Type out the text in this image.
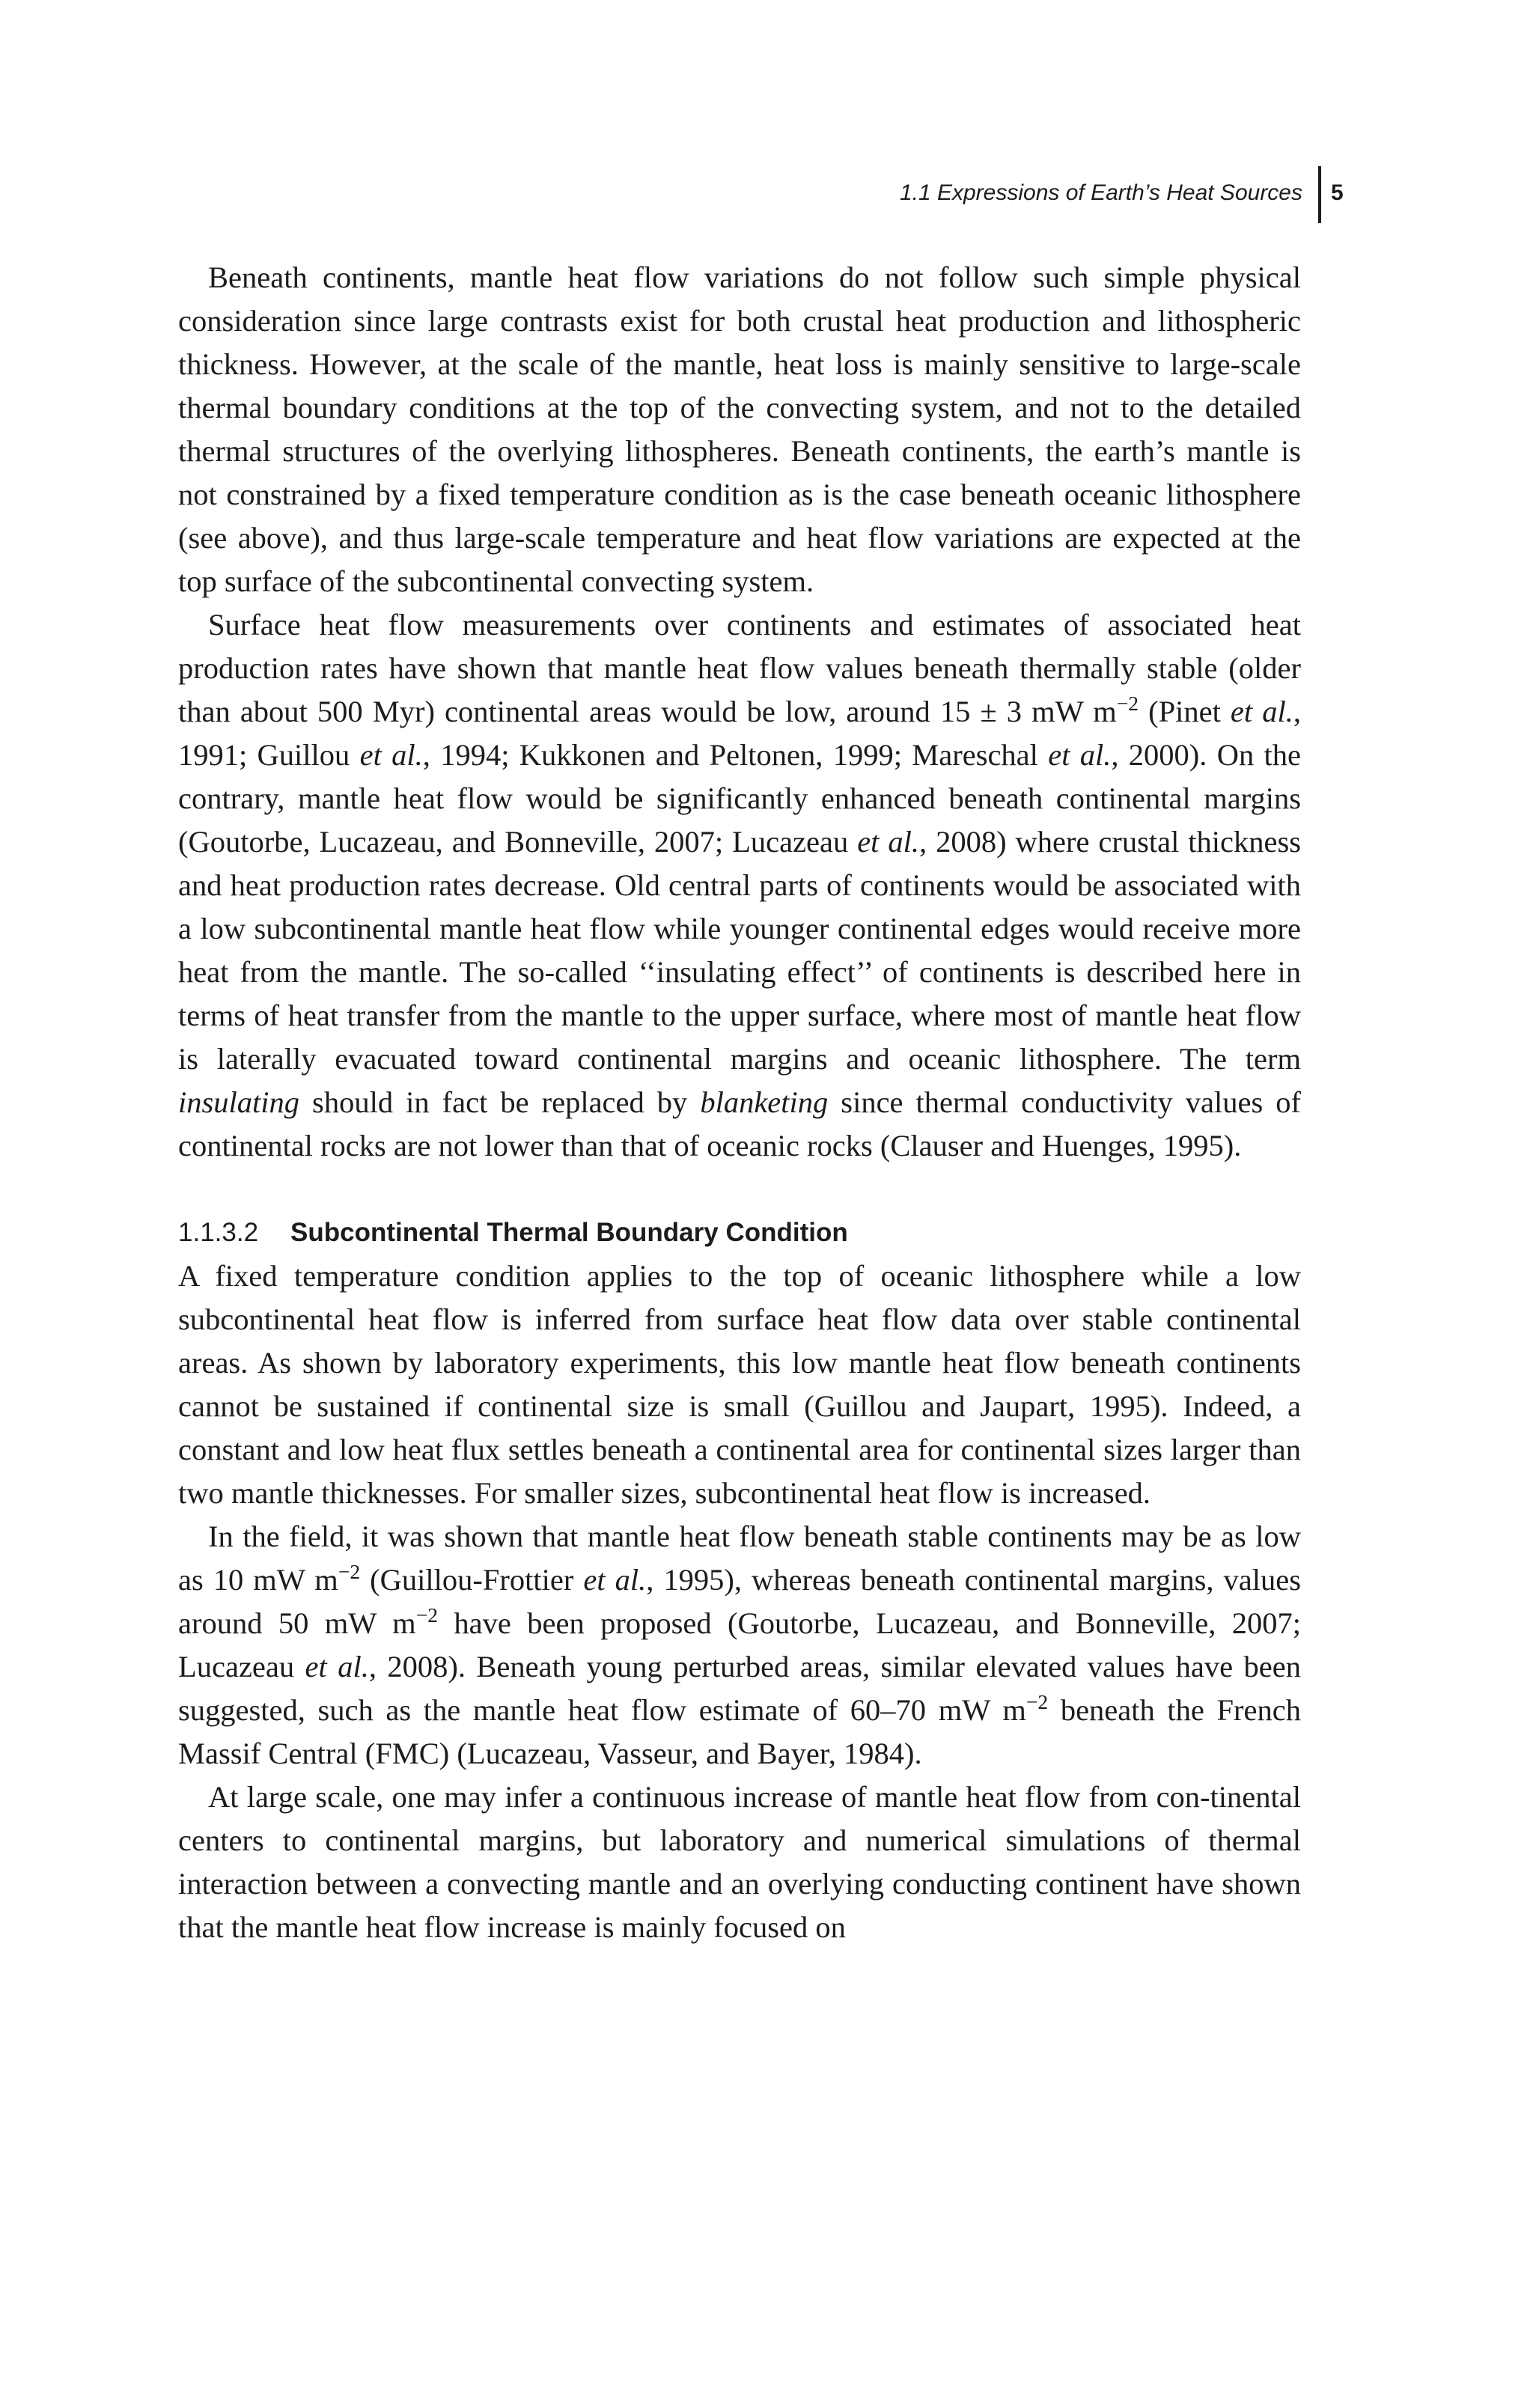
1.1 Expressions of Earth’s Heat Sources 5

Beneath continents, mantle heat flow variations do not follow such simple physical consideration since large contrasts exist for both crustal heat production and lithospheric thickness. However, at the scale of the mantle, heat loss is mainly sensitive to large-scale thermal boundary conditions at the top of the convecting system, and not to the detailed thermal structures of the overlying lithospheres. Beneath continents, the earth’s mantle is not constrained by a fixed temperature condition as is the case beneath oceanic lithosphere (see above), and thus large-scale temperature and heat flow variations are expected at the top surface of the subcontinental convecting system.

Surface heat flow measurements over continents and estimates of associated heat production rates have shown that mantle heat flow values beneath thermally stable (older than about 500 Myr) continental areas would be low, around 15 ± 3 mW $m^{-2}$ (Pinet et al., 1991; Guillou et al., 1994; Kukkonen and Peltonen, 1999; Mareschal et al., 2000). On the contrary, mantle heat flow would be significantly enhanced beneath continental margins (Goutorbe, Lucazeau, and Bonneville, 2007; Lucazeau et al., 2008) where crustal thickness and heat production rates decrease. Old central parts of continents would be associated with a low subcontinental mantle heat flow while younger continental edges would receive more heat from the mantle. The so-called ‘‘insulating effect’’ of continents is described here in terms of heat transfer from the mantle to the upper surface, where most of mantle heat flow is laterally evacuated toward continental margins and oceanic lithosphere. The term insulating should in fact be replaced by blanketing since thermal conductivity values of continental rocks are not lower than that of oceanic rocks (Clauser and Huenges, 1995).

1.1.3.2 Subcontinental Thermal Boundary Condition

A fixed temperature condition applies to the top of oceanic lithosphere while a low subcontinental heat flow is inferred from surface heat flow data over stable continental areas. As shown by laboratory experiments, this low mantle heat flow beneath continents cannot be sustained if continental size is small (Guillou and Jaupart, 1995). Indeed, a constant and low heat flux settles beneath a continental area for continental sizes larger than two mantle thicknesses. For smaller sizes, subcontinental heat flow is increased.

In the field, it was shown that mantle heat flow beneath stable continents may be as low as 10 mW $m^{-2}$ (Guillou-Frottier et al., 1995), whereas beneath continental margins, values around 50 mW $m^{-2}$ have been proposed (Goutorbe, Lucazeau, and Bonneville, 2007; Lucazeau et al., 2008). Beneath young perturbed areas, similar elevated values have been suggested, such as the mantle heat flow estimate of 60–70 mW $m^{-2}$ beneath the French Massif Central (FMC) (Lucazeau, Vasseur, and Bayer, 1984).

At large scale, one may infer a continuous increase of mantle heat flow from con-tinental centers to continental margins, but laboratory and numerical simulations of thermal interaction between a convecting mantle and an overlying conducting continent have shown that the mantle heat flow increase is mainly focused on
